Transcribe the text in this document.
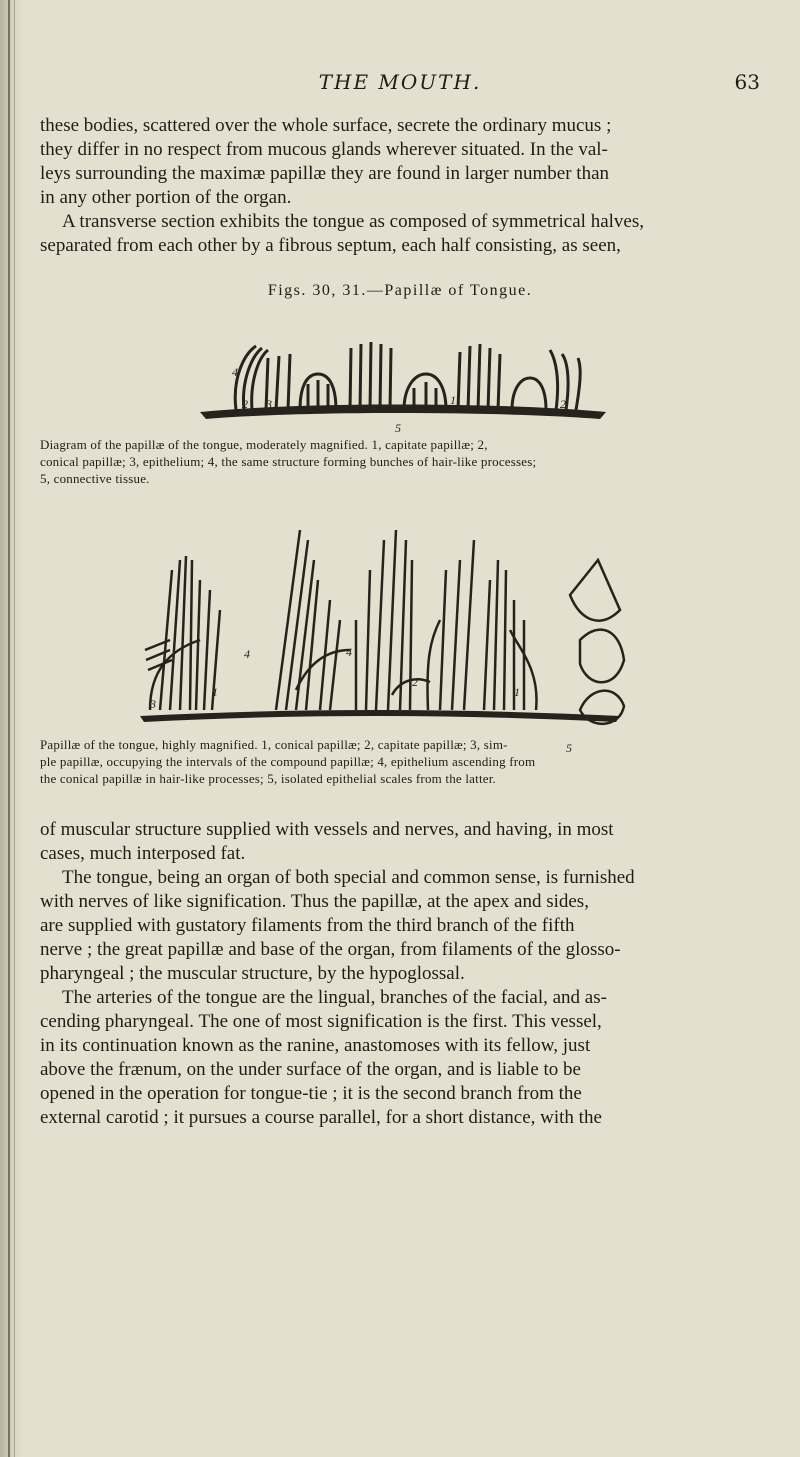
THE MOUTH.	63
these bodies, scattered over the whole surface, secrete the ordinary mucus ;
they differ in no respect from mucous glands wherever situated. In the val-
leys surrounding the maximæ papillæ they are found in larger number than
in any other portion of the organ.
A transverse section exhibits the tongue as composed of symmetrical halves,
separated from each other by a fibrous septum, each half consisting, as seen,
Figs. 30, 31.—Papillæ of Tongue.
4
2	1	2
3
5
Diagram of the papillæ of the tongue, moderately magnified. 1, capitate papillæ; 2,
conical papillæ; 3, epithelium; 4, the same structure forming bunches of hair-like processes;
5, connective tissue.
4	4
5
1	1
2
3
Papillæ of the tongue, highly magnified. 1, conical papillæ; 2, capitate papillæ; 3, sim-
ple papillæ, occupying the intervals of the compound papillæ; 4, epithelium ascending from
the conical papillæ in hair-like processes; 5, isolated epithelial scales from the latter.
of muscular structure supplied with vessels and nerves, and having, in most
cases, much interposed fat.
The tongue, being an organ of both special and common sense, is furnished
with nerves of like signification. Thus the papillæ, at the apex and sides,
are supplied with gustatory filaments from the third branch of the fifth
nerve ; the great papillæ and base of the organ, from filaments of the glosso-
pharyngeal ; the muscular structure, by the hypoglossal.
The arteries of the tongue are the lingual, branches of the facial, and as-
cending pharyngeal. The one of most signification is the first. This vessel,
in its continuation known as the ranine, anastomoses with its fellow, just
above the frænum, on the under surface of the organ, and is liable to be
opened in the operation for tongue-tie ; it is the second branch from the
external carotid ; it pursues a course parallel, for a short distance, with the
